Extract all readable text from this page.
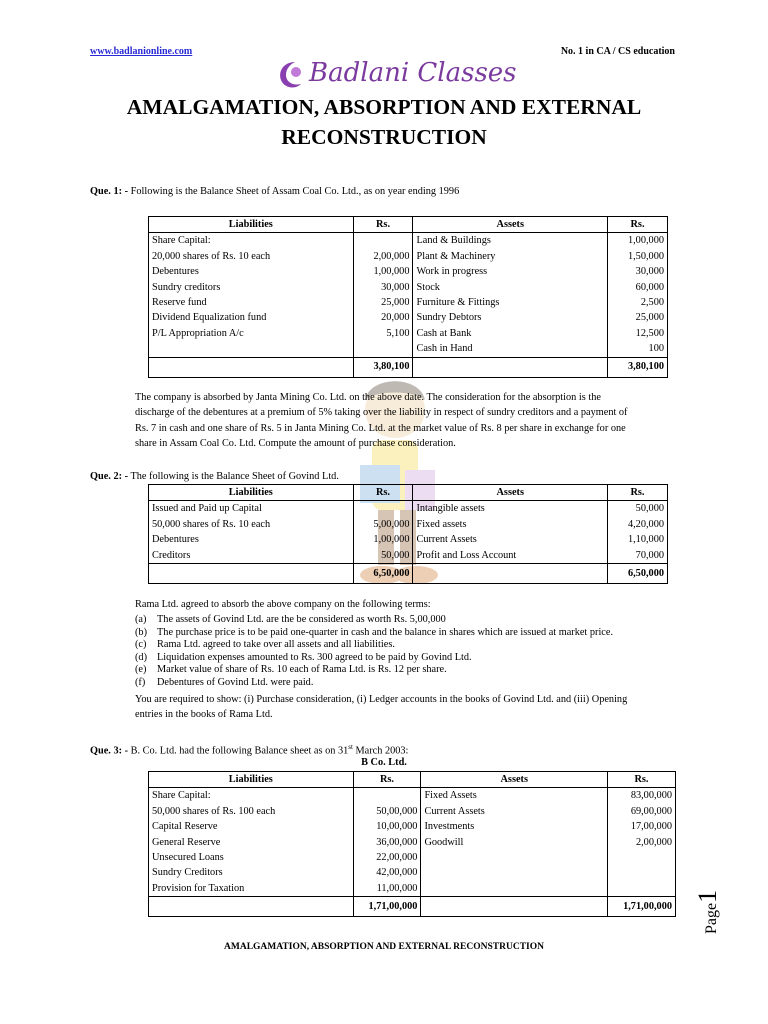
www.badlanionline.com	No. 1 in CA / CS education
Badlani Classes
AMALGAMATION, ABSORPTION AND EXTERNAL
RECONSTRUCTION
Que. 1: - Following is the Balance Sheet of Assam Coal Co. Ltd., as on year ending 1996
Liabilities	Rs.	Assets	Rs.
Share Capital:		Land & Buildings	1,00,000
20,000 shares of Rs. 10 each	2,00,000	Plant & Machinery	1,50,000
Debentures	1,00,000	Work in progress	30,000
Sundry creditors	30,000	Stock	60,000
Reserve fund	25,000	Furniture & Fittings	2,500
Dividend Equalization fund	20,000	Sundry Debtors	25,000
P/L Appropriation A/c	5,100	Cash at Bank	12,500
		Cash in Hand	100
	3,80,100		3,80,100
The company is absorbed by Janta Mining Co. Ltd. on the above date. The consideration for the absorption is the
discharge of the debentures at a premium of 5% taking over the liability in respect of sundry creditors and a payment of
Rs. 7 in cash and one share of Rs. 5 in Janta Mining Co. Ltd. at the market value of Rs. 8 per share in exchange for one
share in Assam Coal Co. Ltd. Compute the amount of purchase consideration.
Que. 2: - The following is the Balance Sheet of Govind Ltd.
Liabilities	Rs.	Assets	Rs.
Issued and Paid up Capital		Intangible assets	50,000
50,000 shares of Rs. 10 each	5,00,000	Fixed assets	4,20,000
Debentures	1,00,000	Current Assets	1,10,000
Creditors	50,000	Profit and Loss Account	70,000
	6,50,000		6,50,000
Rama Ltd. agreed to absorb the above company on the following terms:
(a) The assets of Govind Ltd. are the be considered as worth Rs. 5,00,000
(b) The purchase price is to be paid one-quarter in cash and the balance in shares which are issued at market price.
(c) Rama Ltd. agreed to take over all assets and all liabilities.
(d) Liquidation expenses amounted to Rs. 300 agreed to be paid by Govind Ltd.
(e) Market value of share of Rs. 10 each of Rama Ltd. is Rs. 12 per share.
(f) Debentures of Govind Ltd. were paid.
You are required to show: (i) Purchase consideration, (i) Ledger accounts in the books of Govind Ltd. and (iii) Opening
entries in the books of Rama Ltd.
Que. 3: - B. Co. Ltd. had the following Balance sheet as on 31st March 2003:
B Co. Ltd.
Liabilities	Rs.	Assets	Rs.
Share Capital:		Fixed Assets	83,00,000
50,000 shares of Rs. 100 each	50,00,000	Current Assets	69,00,000
Capital Reserve	10,00,000	Investments	17,00,000
General Reserve	36,00,000	Goodwill	2,00,000
Unsecured Loans	22,00,000		
Sundry Creditors	42,00,000		
Provision for Taxation	11,00,000		
	1,71,00,000		1,71,00,000	Page1
AMALGAMATION, ABSORPTION AND EXTERNAL RECONSTRUCTION
